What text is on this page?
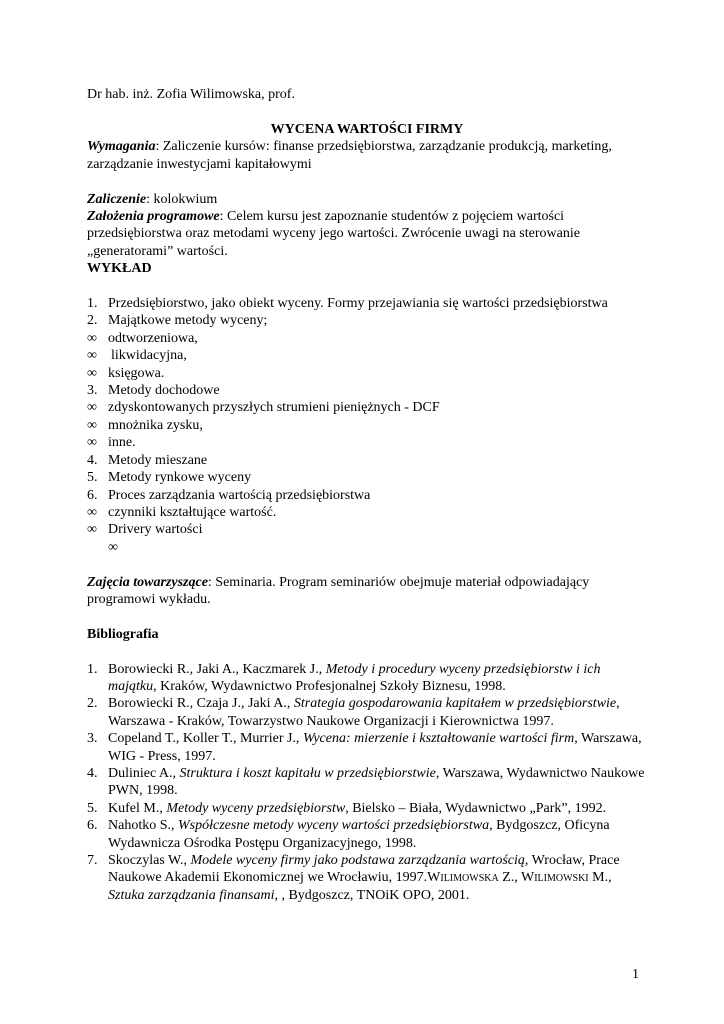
Dr hab. inż. Zofia Wilimowska, prof.
WYCENA WARTOŚCI FIRMY
Wymagania: Zaliczenie kursów: finanse przedsiębiorstwa, zarządzanie produkcją, marketing, zarządzanie inwestycjami kapitałowymi
Zaliczenie: kolokwium
Założenia programowe: Celem kursu jest zapoznanie studentów z pojęciem wartości przedsiębiorstwa oraz metodami wyceny jego wartości. Zwrócenie uwagi na sterowanie „generatorami” wartości.
WYKŁAD
1. Przedsiębiorstwo, jako obiekt wyceny. Formy przejawiania się wartości przedsiębiorstwa
2. Majątkowe metody wyceny;
∞ odtworzeniowa,
∞ likwidacyjna,
∞ księgowa.
3. Metody dochodowe
∞ zdyskontowanych przyszłych strumieni pieniężnych - DCF
∞ mnożnika zysku,
∞ inne.
4. Metody mieszane
5. Metody rynkowe wyceny
6. Proces zarządzania wartością przedsiębiorstwa
∞ czynniki kształtujące wartość.
∞ Drivery wartości
∞
Zajęcia towarzyszące: Seminaria. Program seminariów obejmuje materiał odpowiadający programowi wykładu.
Bibliografia
1. Borowiecki R., Jaki A., Kaczmarek J., Metody i procedury wyceny przedsiębiorstw i ich majątku, Kraków, Wydawnictwo Profesjonalnej Szkoły Biznesu, 1998.
2. Borowiecki R., Czaja J., Jaki A., Strategia gospodarowania kapitałem w przedsiębiorstwie, Warszawa - Kraków, Towarzystwo Naukowe Organizacji i Kierownictwa 1997.
3. Copeland T., Koller T., Murrier J., Wycena: mierzenie i kształtowanie wartości firm, Warszawa, WIG - Press, 1997.
4. Duliniec A., Struktura i koszt kapitału w przedsiębiorstwie, Warszawa, Wydawnictwo Naukowe PWN, 1998.
5. Kufel M., Metody wyceny przedsiębiorstw, Bielsko – Biała, Wydawnictwo „Park”, 1992.
6. Nahotko S., Współczesne metody wyceny wartości przedsiębiorstwa, Bydgoszcz, Oficyna Wydawnicza Ośrodka Postępu Organizacyjnego, 1998.
7. Skoczylas W., Modele wyceny firmy jako podstawa zarządzania wartością, Wrocław, Prace Naukowe Akademii Ekonomicznej we Wrocławiu, 1997.Wilimowska Z., Wilimowski M., Sztuka zarządzania finansami, , Bydgoszcz, TNOiK OPO, 2001.
1
